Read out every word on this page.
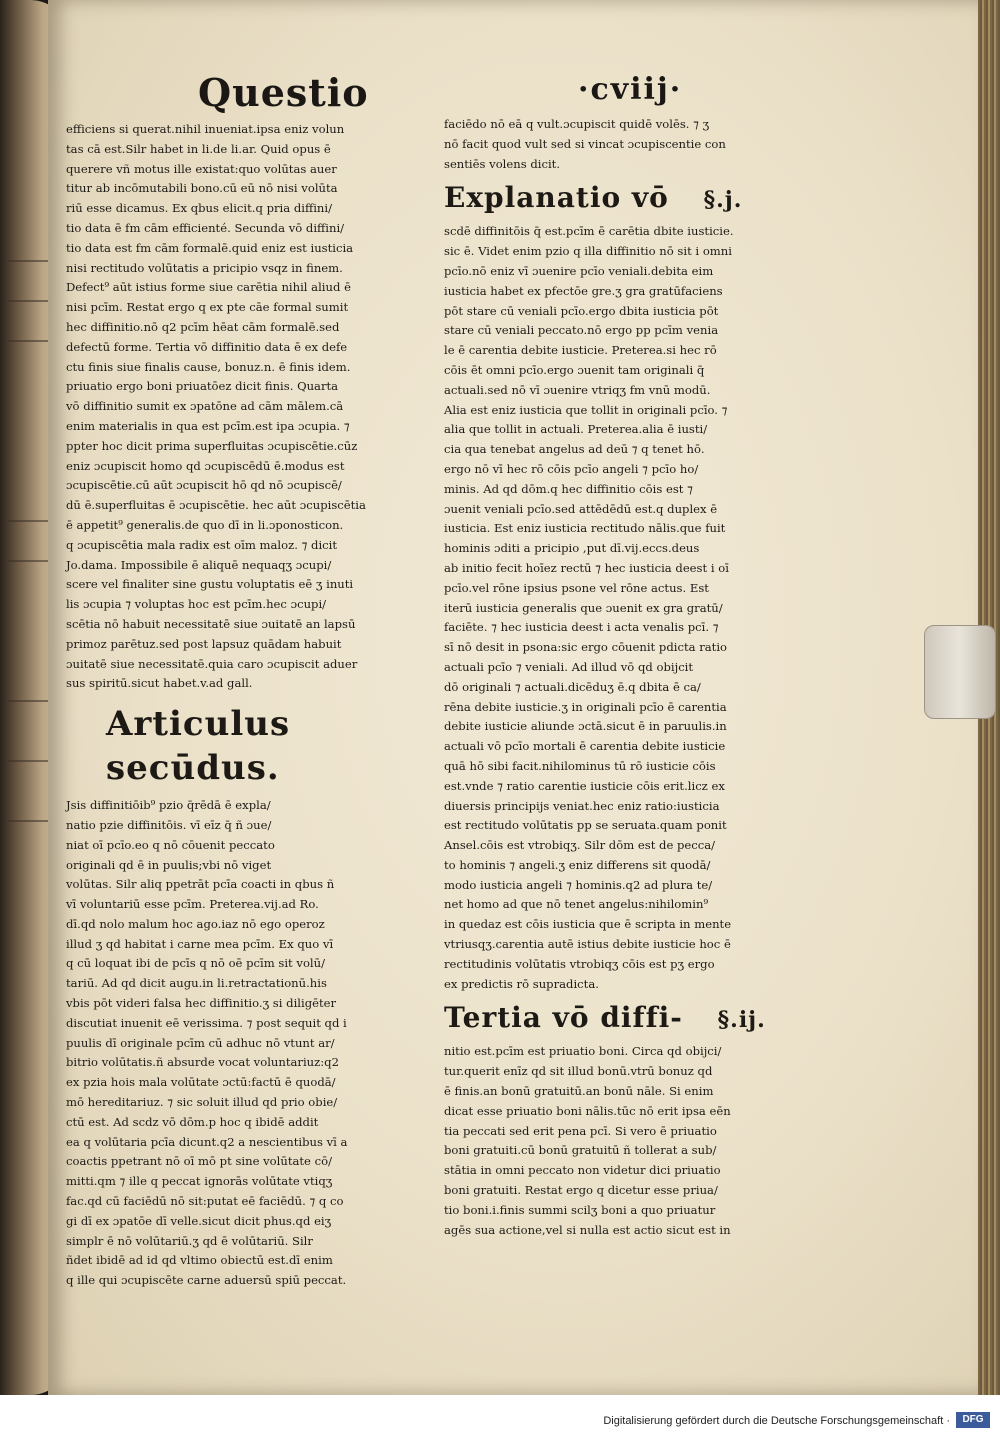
Questio	·cviij·

efficiens si querat.nihil inueniat.ipsa eniz volun

tas cā est.Silr habet in li.de li.ar. Quid opus ē

querere vñ motus ille existat:quo volūtas auer

titur ab incōmutabili bono.cū eū nō nisi volūta

riū esse dicamus. Ex qbus elicit.q pria diffini/

tio data ē fm cām efficienté. Secunda vō diffini/

tio data est fm cām formalē.quid eniz est iusticia

nisi rectitudo volūtatis a pricipio vsqz in finem.

Defect⁹ aūt istius forme siue carētia nihil aliud ē

nisi pcīm. Restat ergo q ex pte cāe formal sumit

hec diffinitio.nō q2 pcīm hēat cām formalē.sed

defectū forme. Tertia vō diffinitio data ē ex defe

ctu finis siue finalis cause, bonuz.n. ē finis idem.

priuatio ergo boni priuatōez dicit finis. Quarta

vō diffinitio sumit ex ɔpatōne ad cām mālem.cā

enim materialis in qua est pcīm.est ipa ɔcupia. ⁊

ppter hoc dicit prima superfluitas ɔcupiscētie.cūz

eniz ɔcupiscit homo qd ɔcupiscēdū ē.modus est

ɔcupiscētie.cū aūt ɔcupiscit hō qd nō ɔcupiscē/

dū ē.superfluitas ē ɔcupiscētie. hec aūt ɔcupiscētia

ē appetit⁹ generalis.de quo dī in li.ɔponosticon.

q ɔcupiscētia mala radix est oīm maloz. ⁊ dicit

Jo.dama. Impossibile ē aliquē nequaqʒ ɔcupi/

scere vel finaliter sine gustu voluptatis eē ʒ inuti

lis ɔcupia ⁊ voluptas hoc est pcīm.hec ɔcupi/

scētia nō habuit necessitatē siue ɔuitatē an lapsū

primoz parētuz.sed post lapsuz quādam habuit

ɔuitatē siue necessitatē.quia caro ɔcupiscit aduer

sus spiritū.sicut habet.v.ad gall.

Articulus secūdus.

Jsis diffinitiōib⁹ pzio q̄rēdā ē expla/

natio pzie diffinitōis. vī eīz q̄ ñ ɔue/

niat oī pcīo.eo q nō cōuenit peccato

originali qd ē in puulis;vbi nō viget

volūtas. Silr aliq ppetrāt pcīa coacti in qbus ñ

vī voluntariū esse pcīm. Preterea.vij.ad Ro.

dī.qd nolo malum hoc ago.iaz nō ego operoz

illud ʒ qd habitat i carne mea pcīm. Ex quo vī

q cū loquat ibi de pcīs q nō oē pcīm sit volū/

tariū. Ad qd dicit augu.in li.retractationū.his

vbis pōt videri falsa hec diffinitio.ʒ si diligēter

discutiat inuenit eē verissima. ⁊ post sequit qd i

puulis dī originale pcīm cū adhuc nō vtunt ar/

bitrio volūtatis.ñ absurde vocat voluntariuz:q2

ex pzia hois mala volūtate ɔctū:factū ē quodā/

mō hereditariuz. ⁊ sic soluit illud qd prio obie/

ctū est. Ad scdz vō dōm.p hoc q ibidē addit

ea q volūtaria pcīa dicunt.q2 a nescientibus vī a

coactis ppetrant nō oī mō pt sine volūtate cō/

mitti.qm ⁊ ille q peccat ignorās volūtate vtiqʒ

fac.qd cū faciēdū nō sit:putat eē faciēdū. ⁊ q co

gi dī ex ɔpatōe dī velle.sicut dicit phus.qd eiʒ

simplr ē nō volūtariū.ʒ qd ē volūtariū. Silr

ñdet ibidē ad id qd vltimo obiectū est.dī enim

q ille qui ɔcupiscēte carne aduersū spiū peccat.

faciēdo nō eā q vult.ɔcupiscit quidē volēs. ⁊ ʒ

nō facit quod vult sed si vincat ɔcupiscentie con

sentiēs volens dicit.

Explanatio vō §.j.

scdē diffinitōis q̄ est.pcīm ē carētia dbite iusticie.

sic ē. Videt enim pzio q illa diffinitio nō sit i omni

pcīo.nō eniz vī ɔuenire pcīo veniali.debita eim

iusticia habet ex pfectōe gre.ʒ gra gratūfaciens

pōt stare cū veniali pcīo.ergo dbita iusticia pōt

stare cū veniali peccato.nō ergo pp pcīm venia

le ē carentia debite iusticie. Preterea.si hec rō

cōis ēt omni pcīo.ergo ɔuenit tam originali q̄

actuali.sed nō vī ɔuenire vtriqʒ fm vnū modū.

Alia est eniz iusticia que tollit in originali pcīo. ⁊

alia que tollit in actuali. Preterea.alia ē iusti/

cia qua tenebat angelus ad deū ⁊ q tenet hō.

ergo nō vī hec rō cōis pcīo angeli ⁊ pcīo ho/

minis. Ad qd dōm.q hec diffinitio cōis est ⁊

ɔuenit veniali pcīo.sed attēdēdū est.q duplex ē

iusticia. Est eniz iusticia rectitudo nālis.que fuit

hominis ɔditi a pricipio ,put dī.vij.eccs.deus

ab initio fecit hoīez rectū ⁊ hec iusticia deest i oī

pcīo.vel rōne ipsius psone vel rōne actus. Est

iterū iusticia generalis que ɔuenit ex gra gratū/

faciēte. ⁊ hec iusticia deest i acta venalis pcī. ⁊

sī nō desit in psona:sic ergo cōuenit pdicta ratio

actuali pcīo ⁊ veniali. Ad illud vō qd obijcit

dō originali ⁊ actuali.dicēduʒ ē.q dbita ē ca/

rēna debite iusticie.ʒ in originali pcīo ē carentia

debite iusticie aliunde ɔctā.sicut ē in paruulis.in

actuali vō pcīo mortali ē carentia debite iusticie

quā hō sibi facit.nihilominus tū rō iusticie cōis

est.vnde ⁊ ratio carentie iusticie cōis erit.licz ex

diuersis principijs veniat.hec eniz ratio:iusticia

est rectitudo volūtatis pp se seruata.quam ponit

Ansel.cōis est vtrobiqʒ. Silr dōm est de pecca/

to hominis ⁊ angeli.ʒ eniz differens sit quodā/

modo iusticia angeli ⁊ hominis.q2 ad plura te/

net homo ad que nō tenet angelus:nihilomin⁹

in quedaz est cōis iusticia que ē scripta in mente

vtriusqʒ.carentia autē istius debite iusticie hoc ē

rectitudinis volūtatis vtrobiqʒ cōis est pʒ ergo

ex predictis rō supradicta.

Tertia vō diffi- §.ij.

nitio est.pcīm est priuatio boni. Circa qd obijci/

tur.querit enīz qd sit illud bonū.vtrū bonuz qd

ē finis.an bonū gratuitū.an bonū nāle. Si enim

dicat esse priuatio boni nālis.tūc nō erit ipsa eēn

tia peccati sed erit pena pcī. Si vero ē priuatio

boni gratuiti.cū bonū gratuitū ñ tollerat a sub/

stātia in omni peccato non videtur dici priuatio

boni gratuiti. Restat ergo q dicetur esse priua/

tio boni.i.finis summi scilʒ boni a quo priuatur

agēs sua actione,vel si nulla est actio sicut est in

Digitalisierung gefördert durch die Deutsche Forschungsgemeinschaft ·	DFG
